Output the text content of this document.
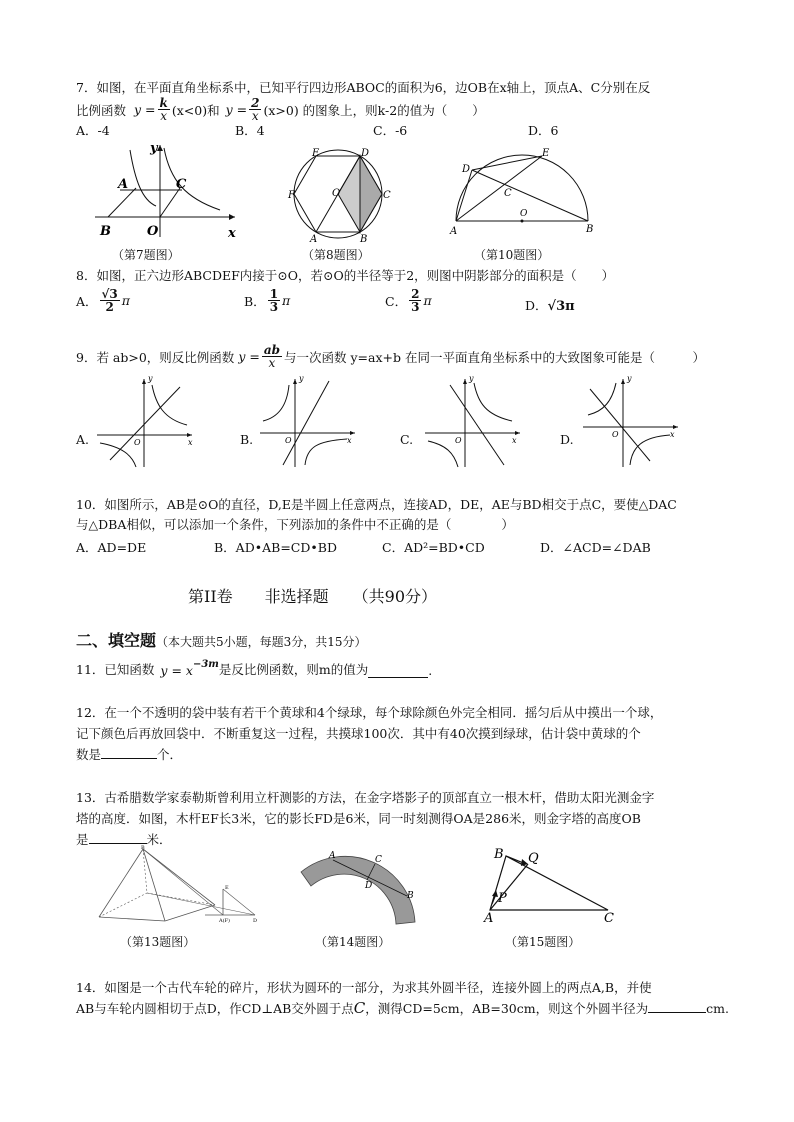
7．如图，在平面直角坐标系中，已知平行四边形ABOC的面积为6，边OB在x轴上，顶点A、C分别在反
比例函数 $y = \frac{k}{x} (x<0)$和 $y = \frac{2}{x} (x>0)$ 的图象上，则k-2的值为（　　）
A．-4	B．4	C．-6	D．6
y
x
A	C
B	O
（第7题图）
E	D
F	O	C
A	B
（第8题图）
D
E
C
O
A	B
（第10题图）
8．如图，正六边形ABCDEF内接于⊙O，若⊙O的半径等于2，则图中阴影部分的面积是（　　）
A． $\frac{√3}{2}$ π	B． $\frac{1}{3}$ π	C． $\frac{2}{3}$ π	D．√3π
9．若 ab>0，则反比例函数 $y = \frac{ab}{x}$ 与一次函数 y=ax+b 在同一平面直角坐标系中的大致图象可能是（　　　）
A.
y
x
O	B.
y
x
O	C.
y
x
O	D.
y
x
O
10．如图所示，AB是⊙O的直径，D,E是半圆上任意两点，连接AD，DE，AE与BD相交于点C，要使△DAC
与△DBA相似，可以添加一个条件，下列添加的条件中不正确的是（　　　　）
A．AD=DE	B．AD•AB=CD•BD	C．AD²=BD•CD	D．∠ACD=∠DAB
第II卷　　非选择题　　（共90分）
二、填空题 （本大题共5小题，每题3分，共15分）
11．已知函数 y = x −3m 是反比例函数，则m的值为	.
12．在一个不透明的袋中装有若干个黄球和4个绿球，每个球除颜色外完全相同．摇匀后从中摸出一个球，
记下颜色后再放回袋中．不断重复这一过程，共摸球100次．其中有40次摸到绿球，估计袋中黄球的个
数是	个．
13．古希腊数学家泰勒斯曾利用立杆测影的方法，在金字塔影子的顶部直立一根木杆，借助太阳光测金字
塔的高度．如图，木杆EF长3米，它的影长FD是6米，同一时刻测得OA是286米，则金字塔的高度OB
是	米．
B
E
A(F)	D
（第13题图）
A	C
D
B
（第14题图）
B Q
P
A	C
（第15题图）
14．如图是一个古代车轮的碎片，形状为圆环的一部分，为求其外圆半径，连接外圆上的两点A,B，并使
AB与车轮内圆相切于点D，作CD⊥AB交外圆于点C，测得CD=5cm，AB=30cm，则这个外圆半径为	cm.
